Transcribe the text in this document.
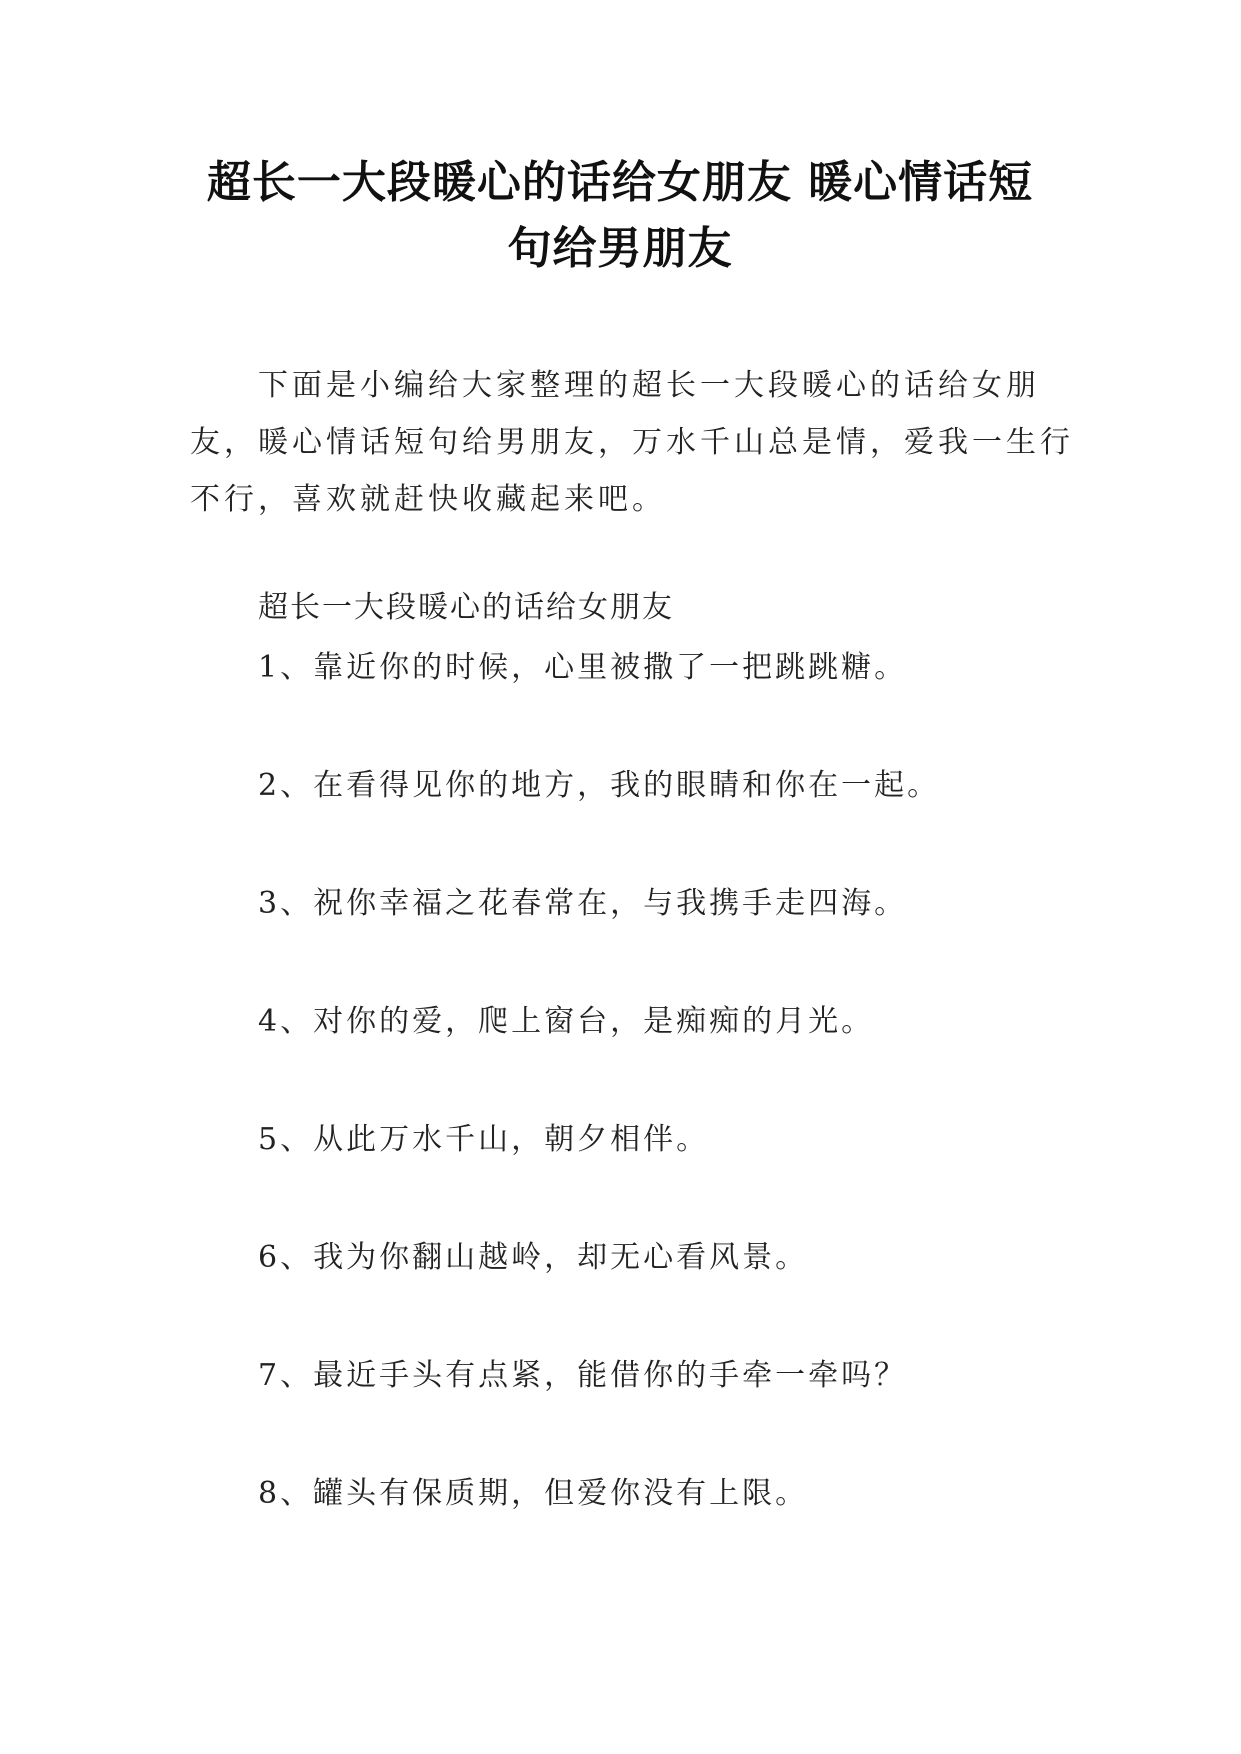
超长一大段暖心的话给女朋友 暖心情话短
句给男朋友

下面是小编给大家整理的超长一大段暖心的话给女朋
友，暖心情话短句给男朋友，万水千山总是情，爱我一生行
不行，喜欢就赶快收藏起来吧。

超长一大段暖心的话给女朋友
1、靠近你的时候，心里被撒了一把跳跳糖。
2、在看得见你的地方，我的眼睛和你在一起。
3、祝你幸福之花春常在，与我携手走四海。
4、对你的爱，爬上窗台，是痴痴的月光。
5、从此万水千山，朝夕相伴。
6、我为你翻山越岭，却无心看风景。
7、最近手头有点紧，能借你的手牵一牵吗？
8、罐头有保质期，但爱你没有上限。
